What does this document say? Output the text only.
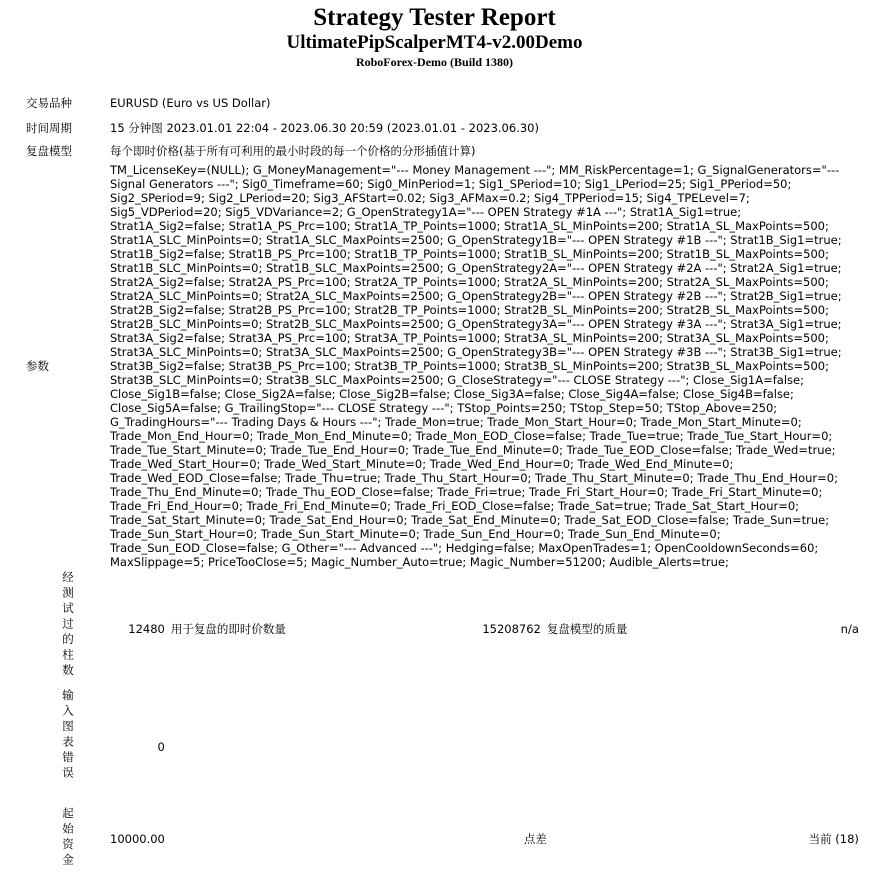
Strategy Tester Report
UltimatePipScalperMT4-v2.00Demo
RoboForex-Demo (Build 1380)
交易品种	EURUSD (Euro vs US Dollar)				
时间周期	15 分钟图 2023.01.01 22:04 - 2023.06.30 20:59 (2023.01.01 - 2023.06.30)				
复盘模型	每个即时价格(基于所有可利用的最小时段的每一个价格的分形插值计算)				
参数	TM_LicenseKey=(NULL); G_MoneyManagement="--- Money Management ---"; MM_RiskPercentage=1; G_SignalGenerators="--- Signal Generators ---"; Sig0_Timeframe=60; Sig0_MinPeriod=1; Sig1_SPeriod=10; Sig1_LPeriod=25; Sig1_PPeriod=50; Sig2_SPeriod=9; Sig2_LPeriod=20; Sig3_AFStart=0.02; Sig3_AFMax=0.2; Sig4_TPPeriod=15; Sig4_TPELevel=7; Sig5_VDPeriod=20; Sig5_VDVariance=2; G_OpenStrategy1A="--- OPEN Strategy #1A ---"; Strat1A_Sig1=true; Strat1A_Sig2=false; Strat1A_PS_Prc=100; Strat1A_TP_Points=1000; Strat1A_SL_MinPoints=200; Strat1A_SL_MaxPoints=500; Strat1A_SLC_MinPoints=0; Strat1A_SLC_MaxPoints=2500; G_OpenStrategy1B="--- OPEN Strategy #1B ---"; Strat1B_Sig1=true; Strat1B_Sig2=false; Strat1B_PS_Prc=100; Strat1B_TP_Points=1000; Strat1B_SL_MinPoints=200; Strat1B_SL_MaxPoints=500; Strat1B_SLC_MinPoints=0; Strat1B_SLC_MaxPoints=2500; G_OpenStrategy2A="--- OPEN Strategy #2A ---"; Strat2A_Sig1=true; Strat2A_Sig2=false; Strat2A_PS_Prc=100; Strat2A_TP_Points=1000; Strat2A_SL_MinPoints=200; Strat2A_SL_MaxPoints=500; Strat2A_SLC_MinPoints=0; Strat2A_SLC_MaxPoints=2500; G_OpenStrategy2B="--- OPEN Strategy #2B ---"; Strat2B_Sig1=true; Strat2B_Sig2=false; Strat2B_PS_Prc=100; Strat2B_TP_Points=1000; Strat2B_SL_MinPoints=200; Strat2B_SL_MaxPoints=500; Strat2B_SLC_MinPoints=0; Strat2B_SLC_MaxPoints=2500; G_OpenStrategy3A="--- OPEN Strategy #3A ---"; Strat3A_Sig1=true; Strat3A_Sig2=false; Strat3A_PS_Prc=100; Strat3A_TP_Points=1000; Strat3A_SL_MinPoints=200; Strat3A_SL_MaxPoints=500; Strat3A_SLC_MinPoints=0; Strat3A_SLC_MaxPoints=2500; G_OpenStrategy3B="--- OPEN Strategy #3B ---"; Strat3B_Sig1=true; Strat3B_Sig2=false; Strat3B_PS_Prc=100; Strat3B_TP_Points=1000; Strat3B_SL_MinPoints=200; Strat3B_SL_MaxPoints=500; Strat3B_SLC_MinPoints=0; Strat3B_SLC_MaxPoints=2500; G_CloseStrategy="--- CLOSE Strategy ---"; Close_Sig1A=false; Close_Sig1B=false; Close_Sig2A=false; Close_Sig2B=false; Close_Sig3A=false; Close_Sig4A=false; Close_Sig4B=false; Close_Sig5A=false; G_TrailingStop="--- CLOSE Strategy ---"; TStop_Points=250; TStop_Step=50; TStop_Above=250; G_TradingHours="--- Trading Days & Hours ---"; Trade_Mon=true; Trade_Mon_Start_Hour=0; Trade_Mon_Start_Minute=0; Trade_Mon_End_Hour=0; Trade_Mon_End_Minute=0; Trade_Mon_EOD_Close=false; Trade_Tue=true; Trade_Tue_Start_Hour=0; Trade_Tue_Start_Minute=0; Trade_Tue_End_Hour=0; Trade_Tue_End_Minute=0; Trade_Tue_EOD_Close=false; Trade_Wed=true; Trade_Wed_Start_Hour=0; Trade_Wed_Start_Minute=0; Trade_Wed_End_Hour=0; Trade_Wed_End_Minute=0; Trade_Wed_EOD_Close=false; Trade_Thu=true; Trade_Thu_Start_Hour=0; Trade_Thu_Start_Minute=0; Trade_Thu_End_Hour=0; Trade_Thu_End_Minute=0; Trade_Thu_EOD_Close=false; Trade_Fri=true; Trade_Fri_Start_Hour=0; Trade_Fri_Start_Minute=0; Trade_Fri_End_Hour=0; Trade_Fri_End_Minute=0; Trade_Fri_EOD_Close=false; Trade_Sat=true; Trade_Sat_Start_Hour=0; Trade_Sat_Start_Minute=0; Trade_Sat_End_Hour=0; Trade_Sat_End_Minute=0; Trade_Sat_EOD_Close=false; Trade_Sun=true; Trade_Sun_Start_Hour=0; Trade_Sun_Start_Minute=0; Trade_Sun_End_Hour=0; Trade_Sun_End_Minute=0; Trade_Sun_EOD_Close=false; G_Other="--- Advanced ---"; Hedging=false; MaxOpenTrades=1; OpenCooldownSeconds=60; MaxSlippage=5; PriceTooClose=5; Magic_Number_Auto=true; Magic_Number=51200; Audible_Alerts=true;				
经测试过的柱数	12480	用于复盘的即时价数量	15208762	复盘模型的质量	n/a
输入图表错误	0				
起始资金	10000.00		点差		当前 (18)
